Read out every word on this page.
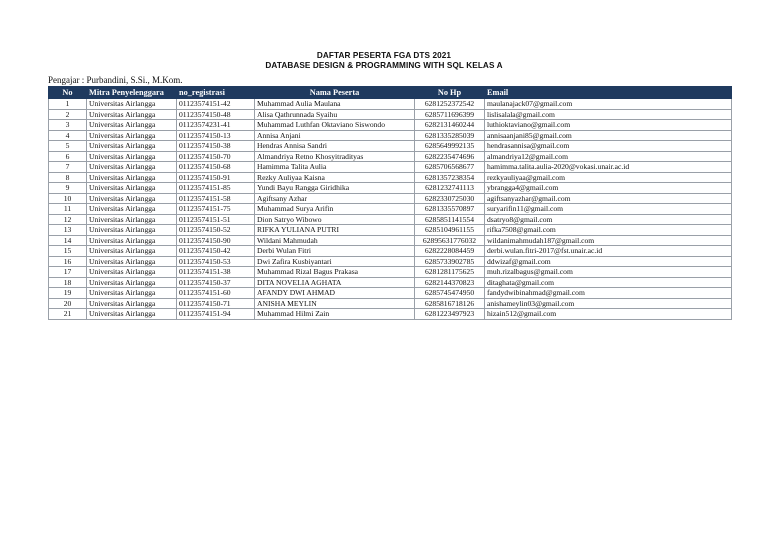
DAFTAR PESERTA FGA DTS 2021
DATABASE DESIGN & PROGRAMMING WITH SQL KELAS A
Pengajar : Purbandini, S.Si., M.Kom.
No	Mitra Penyelenggara	no_registrasi	Nama Peserta	No Hp	Email
1	Universitas Airlangga	01123574151-42	Muhammad Aulia Maulana	6281252372542	maulanajack07@gmail.com
2	Universitas Airlangga	01123574150-48	Alisa Qathrunnada Syaihu	6285711696399	lislisalala@gmail.com
3	Universitas Airlangga	01123574231-41	Muhammad Luthfan Oktaviano Siswondo	6282131460244	luthioktaviano@gmail.com
4	Universitas Airlangga	01123574150-13	Annisa Anjani	6281335285039	annisaanjani85@gmail.com
5	Universitas Airlangga	01123574150-38	Hendras Annisa Sandri	6285649992135	hendrasannisa@gmail.com
6	Universitas Airlangga	01123574150-70	Almandriya Retno Khosyitradityas	6282235474696	almandriya12@gmail.com
7	Universitas Airlangga	01123574150-68	Hamimma Talita Aulia	6285706568677	hamimma.talita.aulia-2020@vokasi.unair.ac.id
8	Universitas Airlangga	01123574150-91	Rezky Auliyaa Kaisna	6281357238354	rezkyauliyaa@gmail.com
9	Universitas Airlangga	01123574151-85	Yundi Bayu Rangga Giridhika	6281232741113	ybrangga4@gmail.com
10	Universitas Airlangga	01123574151-58	Agiftsany Azhar	6282330725030	agiftsanyazhar@gmail.com
11	Universitas Airlangga	01123574151-75	Muhammad Surya Arifin	6281335570897	suryarifin11@gmail.com
12	Universitas Airlangga	01123574151-51	Dion Satryo Wibowo	6285851141554	dsatryo8@gmail.com
13	Universitas Airlangga	01123574150-52	RIFKA YULIANA PUTRI	6285104961155	rifka7508@gmail.com
14	Universitas Airlangga	01123574150-90	Wildani Mahmudah	62895631776032	wildanimahmudah187@gmail.com
15	Universitas Airlangga	01123574150-42	Derbi Wulan Fitri	6282228084459	derbi.wulan.fitri-2017@fst.unair.ac.id
16	Universitas Airlangga	01123574150-53	Dwi Zafira Kusbiyantari	6285733902785	ddwizaf@gmail.com
17	Universitas Airlangga	01123574151-38	Muhammad Rizal Bagus Prakasa	6281281175625	muh.rizalbagus@gmail.com
18	Universitas Airlangga	01123574150-37	DITA NOVELIA AGHATA	6282144370823	ditaghata@gmail.com
19	Universitas Airlangga	01123574151-60	AFANDY DWI AHMAD	6285745474950	fandydwibinahmad@gmail.com
20	Universitas Airlangga	01123574150-71	ANISHA MEYLIN	6285816718126	anishameylin03@gmail.com
21	Universitas Airlangga	01123574151-94	Muhammad Hilmi Zain	6281223497923	hizain512@gmail.com
